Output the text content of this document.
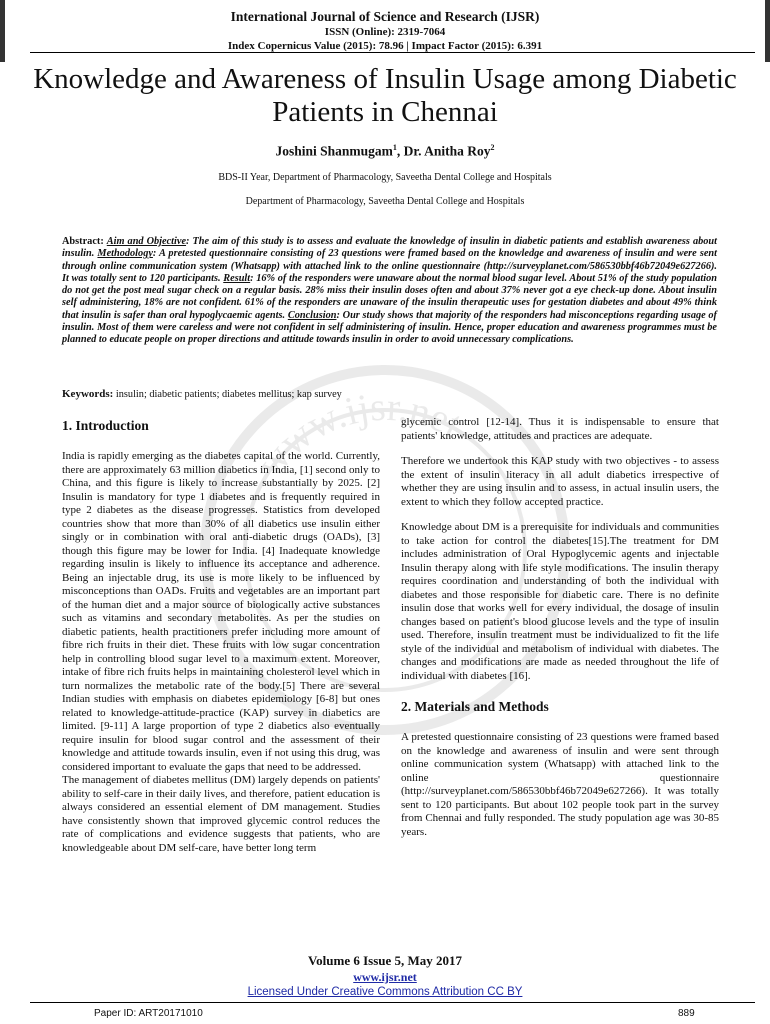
International Journal of Science and Research (IJSR)
ISSN (Online): 2319-7064
Index Copernicus Value (2015): 78.96 | Impact Factor (2015): 6.391
www.ijsr.net
Knowledge and Awareness of Insulin Usage among Diabetic Patients in Chennai
Joshini Shanmugam$^1$, Dr. Anitha Roy$^2$
BDS-II Year, Department of Pharmacology, Saveetha Dental College and Hospitals
Department of Pharmacology, Saveetha Dental College and Hospitals
Abstract: Aim and Objective: The aim of this study is to assess and evaluate the knowledge of insulin in diabetic patients and establish awareness about insulin. Methodology: A pretested questionnaire consisting of 23 questions were framed based on the knowledge and awareness of insulin and were sent through online communication system (Whatsapp) with attached link to the online questionnaire (http://surveyplanet.com/586530bbf46b72049e627266). It was totally sent to 120 participants. Result: 16% of the responders were unaware about the normal blood sugar level. About 51% of the study population do not get the post meal sugar check on a regular basis. 28% miss their insulin doses often and about 37% never got a eye check-up done. About insulin self administering, 18% are not confident. 61% of the responders are unaware of the insulin therapeutic uses for gestation diabetes and about 49% think that insulin is safer than oral hypoglycaemic agents. Conclusion: Our study shows that majority of the responders had misconceptions regarding usage of insulin. Most of them were careless and were not confident in self administering of insulin. Hence, proper education and awareness programmes must be planned to educate people on proper directions and attitude towards insulin in order to avoid unnecessary complications.
Keywords: insulin; diabetic patients; diabetes mellitus; kap survey
1. Introduction

India is rapidly emerging as the diabetes capital of the world. Currently, there are approximately 63 million diabetics in India, [1] second only to China, and this figure is likely to increase substantially by 2025. [2] Insulin is mandatory for type 1 diabetes and is frequently required in type 2 diabetes as the disease progresses. Statistics from developed countries show that more than 30% of all diabetics use insulin either singly or in combination with oral anti-diabetic drugs (OADs), [3] though this figure may be lower for India. [4] Inadequate knowledge regarding insulin is likely to influence its acceptance and adherence. Being an injectable drug, its use is more likely to be influenced by misconceptions than OADs. Fruits and vegetables are an important part of the human diet and a major source of biologically active substances such as vitamins and secondary metabolites. As per the studies on diabetic patients, health practitioners prefer including more amount of fibre rich fruits in their diet. These fruits with low sugar concentration help in controlling blood sugar level to a maximum extent. Moreover, intake of fibre rich fruits helps in maintaining cholesterol level which in turn normalizes the metabolic rate of the body.[5] There are several Indian studies with emphasis on diabetes epidemiology [6-8] but ones related to knowledge-attitude-practice (KAP) survey in diabetics are limited. [9-11] A large proportion of type 2 diabetics also eventually require insulin for blood sugar control and the assessment of their knowledge and attitude towards insulin, even if not using this drug, was considered important to evaluate the gaps that need to be addressed.

The management of diabetes mellitus (DM) largely depends on patients' ability to self-care in their daily lives, and therefore, patient education is always considered an essential element of DM management. Studies have consistently shown that improved glycemic control reduces the rate of complications and evidence suggests that patients, who are knowledgeable about DM self-care, have better long term

glycemic control [12-14]. Thus it is indispensable to ensure that patients' knowledge, attitudes and practices are adequate.

Therefore we undertook this KAP study with two objectives - to assess the extent of insulin literacy in all adult diabetics irrespective of whether they are using insulin and to assess, in actual insulin users, the extent to which they follow accepted practice.

Knowledge about DM is a prerequisite for individuals and communities to take action for control the diabetes[15].The treatment for DM includes administration of Oral Hypoglycemic agents and injectable Insulin therapy along with life style modifications. The insulin therapy requires coordination and understanding of both the individual with diabetes and those responsible for diabetic care. There is no definite insulin dose that works well for every individual, the dosage of insulin changes based on patient's blood glucose levels and the type of insulin used. Therefore, insulin treatment must be individualized to fit the life style of the individual and metabolism of individual with diabetes. The changes and modifications are made as needed throughout the life of individual with diabetes [16].

2. Materials and Methods

A pretested questionnaire consisting of 23 questions were framed based on the knowledge and awareness of insulin and were sent through online communication system (Whatsapp) with attached link to the online questionnaire (http://surveyplanet.com/586530bbf46b72049e627266). It was totally sent to 120 participants. But about 102 people took part in the survey from Chennai and fully responded. The study population age was 30-85 years.

Volume 6 Issue 5, May 2017
www.ijsr.net
Licensed Under Creative Commons Attribution CC BY
Paper ID: ART20171010	889
